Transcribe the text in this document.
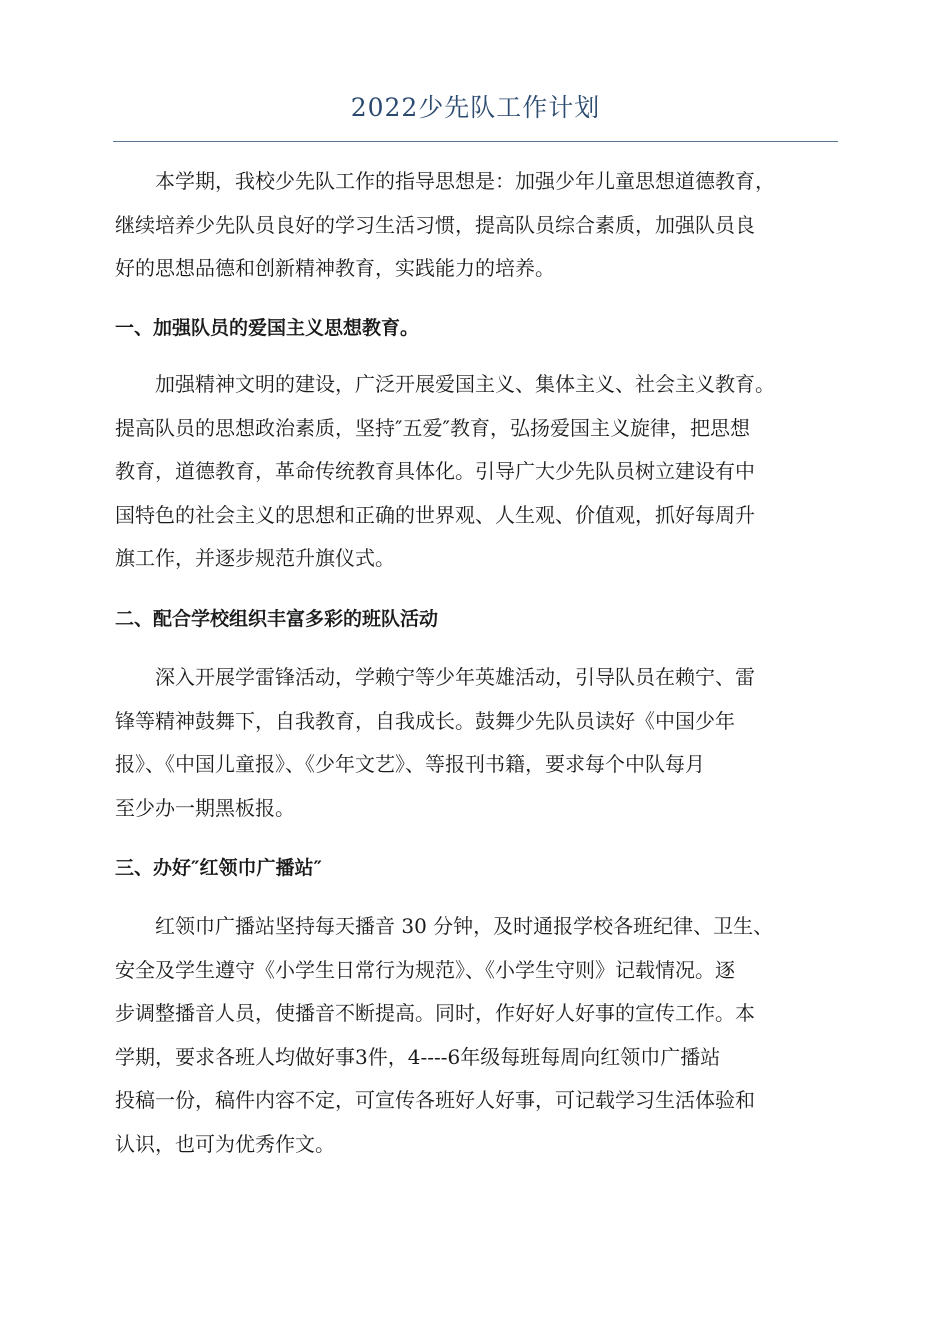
2022少先队工作计划

　　本学期，我校少先队工作的指导思想是：加强少年儿童思想道德教育，

继续培养少先队员良好的学习生活习惯，提高队员综合素质，加强队员良

好的思想品德和创新精神教育，实践能力的培养。

一、加强队员的爱国主义思想教育。

　　加强精神文明的建设，广泛开展爱国主义、集体主义、社会主义教育。

提高队员的思想政治素质，坚持″五爱″教育，弘扬爱国主义旋律，把思想

教育，道德教育，革命传统教育具体化。引导广大少先队员树立建设有中

国特色的社会主义的思想和正确的世界观、人生观、价值观，抓好每周升

旗工作，并逐步规范升旗仪式。

二、配合学校组织丰富多彩的班队活动

　　深入开展学雷锋活动，学赖宁等少年英雄活动，引导队员在赖宁、雷

锋等精神鼓舞下，自我教育，自我成长。鼓舞少先队员读好《中国少年

报》、《中国儿童报》、《少年文艺》、等报刊书籍，要求每个中队每月

至少办一期黑板报。

三、办好″红领巾广播站″

　　红领巾广播站坚持每天播音 30 分钟，及时通报学校各班纪律、卫生、

安全及学生遵守《小学生日常行为规范》、《小学生守则》记载情况。逐

步调整播音人员，使播音不断提高。同时，作好好人好事的宣传工作。本

学期，要求各班人均做好事3件，4----6年级每班每周向红领巾广播站

投稿一份，稿件内容不定，可宣传各班好人好事，可记载学习生活体验和

认识，也可为优秀作文。
